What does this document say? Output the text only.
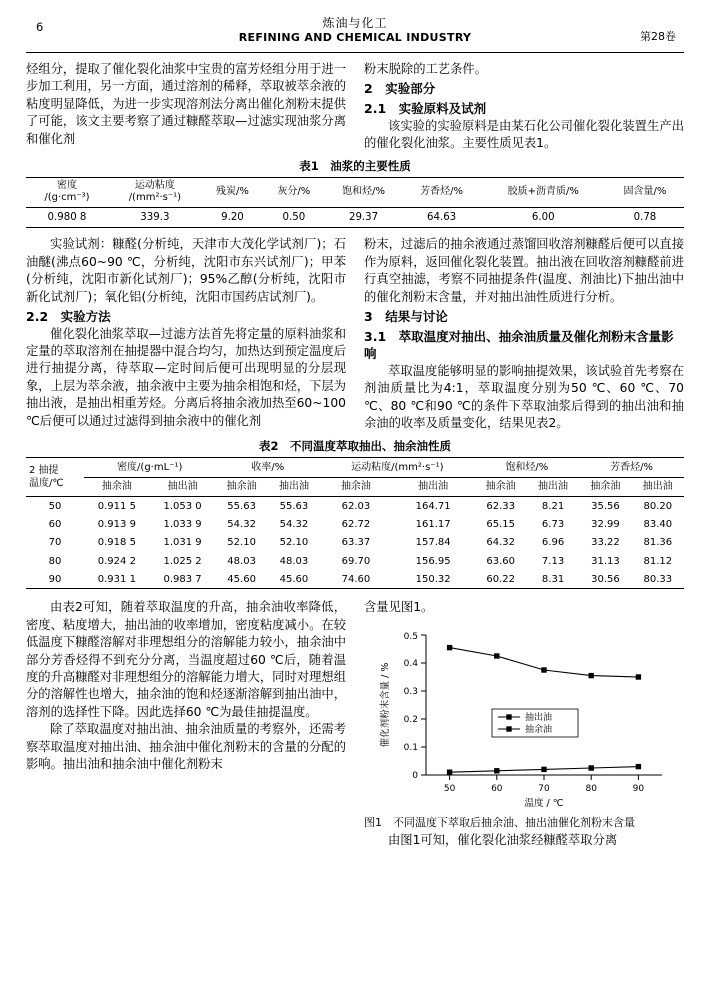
6	炼油与化工
REFINING AND CHEMICAL INDUSTRY	第28卷

烃组分，提取了催化裂化油浆中宝贵的富芳烃组分用于进一步加工利用，另一方面，通过溶剂的稀释，萃取被萃余液的粘度明显降低，为进一步实现溶剂法分离出催化剂粉末提供了可能，该文主要考察了通过糠醛萃取—过滤实现油浆分离和催化剂

粉末脱除的工艺条件。

2　实验部分

2.1　实验原料及试剂

该实验的实验原料是由某石化公司催化裂化装置生产出的催化裂化油浆。主要性质见表1。

表1　油浆的主要性质
密度
/(g·cm⁻³)	运动粘度
/(mm²·s⁻¹)	残炭/%	灰分/%	饱和烃/%	芳香烃/%	胶质+沥青质/%	固含量/%
0.980 8	339.3	9.20	0.50	29.37	64.63	6.00	0.78

实验试剂：糠醛(分析纯，天津市大茂化学试剂厂)；石油醚(沸点60~90 ℃，分析纯，沈阳市东兴试剂厂)；甲苯(分析纯，沈阳市新化试剂厂)；95%乙醇(分析纯，沈阳市新化试剂厂)；氧化铝(分析纯，沈阳市国药店试剂厂)。

2.2　实验方法

催化裂化油浆萃取—过滤方法首先将定量的原料油浆和定量的萃取溶剂在抽提器中混合均匀，加热达到预定温度后进行抽提分离，待萃取—定时间后便可出现明显的分层现象，上层为萃余液，抽余液中主要为抽余相饱和烃，下层为抽出液，是抽出相重芳烃。分离后将抽余液加热至60~100 ℃后便可以通过过滤得到抽余液中的催化剂

粉末，过滤后的抽余液通过蒸馏回收溶剂糠醛后便可以直接作为原料，返回催化裂化装置。抽出液在回收溶剂糠醛前进行真空抽滤，考察不同抽提条件(温度、剂油比)下抽出油中的催化剂粉末含量，并对抽出油性质进行分析。

3　结果与讨论

3.1　萃取温度对抽出、抽余油质量及催化剂粉末含量影响

萃取温度能够明显的影响抽提效果，该试验首先考察在剂油质量比为4:1，萃取温度分别为50 ℃、60 ℃、70 ℃、80 ℃和90 ℃的条件下萃取油浆后得到的抽出油和抽余油的收率及质量变化，结果见表2。

表2　不同温度萃取抽出、抽余油性质
2 抽提
温度/℃	密度/(g·mL⁻¹)		收率/%		运动粘度/(mm²·s⁻¹)		饱和烃/%		芳香烃/%	
	抽余油	抽出油	抽余油	抽出油	抽余油	抽出油	抽余油	抽出油	抽余油	抽出油
50	0.911 5	1.053 0	55.63	55.63	62.03	164.71	62.33	8.21	35.56	80.20
60	0.913 9	1.033 9	54.32	54.32	62.72	161.17	65.15	6.73	32.99	83.40
70	0.918 5	1.031 9	52.10	52.10	63.37	157.84	64.32	6.96	33.22	81.36
80	0.924 2	1.025 2	48.03	48.03	69.70	156.95	63.60	7.13	31.13	81.12
90	0.931 1	0.983 7	45.60	45.60	74.60	150.32	60.22	8.31	30.56	80.33

由表2可知，随着萃取温度的升高，抽余油收率降低，密度、粘度增大，抽出油的收率增加，密度粘度减小。在较低温度下糠醛溶解对非理想组分的溶解能力较小，抽余油中部分芳香烃得不到充分分离，当温度超过60 ℃后，随着温度的升高糠醛对非理想组分的溶解能力增大，同时对理想组分的溶解性也增大，抽余油的饱和烃逐渐溶解到抽出油中，溶剂的选择性下降。因此选择60 ℃为最佳抽提温度。

除了萃取温度对抽出油、抽余油质量的考察外，还需考察萃取温度对抽出油、抽余油中催化剂粉末的含量的分配的影响。抽出油和抽余油中催化剂粉末

含量见图1。

0
0.1
0.2
0.3
0.4
0.5
50	60	70	80	90
温度 / ℃
催化剂粉末含量 / %	抽出油
抽余油
图1　不同温度下萃取后抽余油、抽出油催化剂粉末含量

由图1可知，催化裂化油浆经糠醛萃取分离
